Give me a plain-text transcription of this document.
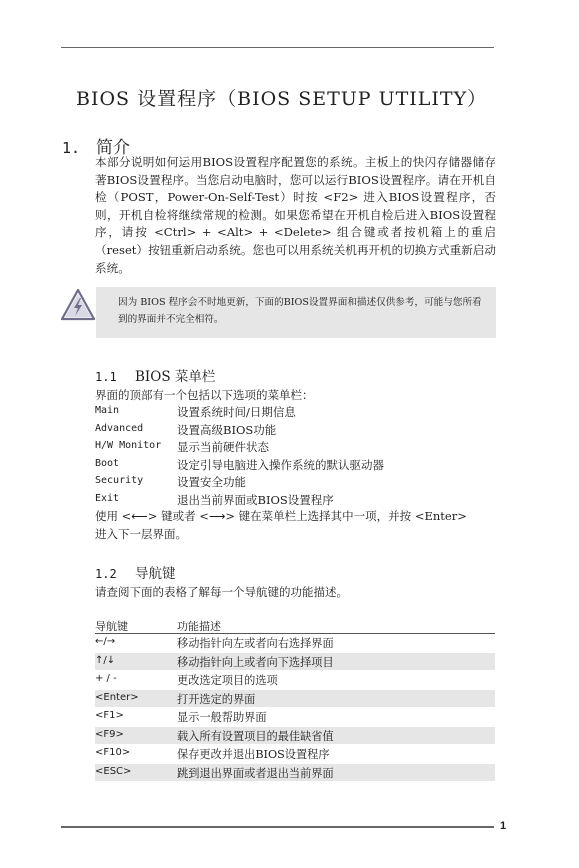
BIOS 设置程序（BIOS SETUP UTILITY）
1. 简介

本部分说明如何运用BIOS设置程序配置您的系统。主板上的快闪存储器储存著BIOS设置程序。当您启动电脑时，您可以运行BIOS设置程序。请在开机自检（POST，Power-On-Self-Test）时按 <F2> 进入BIOS设置程序，否则，开机自检将继续常规的检测。如果您希望在开机自检后进入BIOS设置程序，请按 <Ctrl> + <Alt> + <Delete> 组合键或者按机箱上的重启（reset）按钮重新启动系统。您也可以用系统关机再开机的切换方式重新启动系统。

因为 BIOS 程序会不时地更新，下面的BIOS设置界面和描述仅供参考，可能与您所看到的界面并不完全相符。

1.1 BIOS 菜单栏
界面的顶部有一个包括以下选项的菜单栏：
Main	设置系统时间/日期信息
Advanced	设置高级BIOS功能
H/W Monitor 显示当前硬件状态
Boot	设定引导电脑进入操作系统的默认驱动器
Security	设置安全功能
Exit	退出当前界面或BIOS设置程序
使用 <⟵> 键或者 <⟶> 键在菜单栏上选择其中一项，并按 <Enter>
进入下一层界面。
1.2 导航键
请查阅下面的表格了解每一个导航键的功能描述。
导航键	功能描述
←/→	移动指针向左或者向右选择界面
↑/↓	移动指针向上或者向下选择项目
+ / -	更改选定项目的选项
<Enter>	打开选定的界面
<F1>	显示一般帮助界面
<F9>	载入所有设置项目的最佳缺省值
<F10>	保存更改并退出BIOS设置程序
<ESC>	跳到退出界面或者退出当前界面
1
